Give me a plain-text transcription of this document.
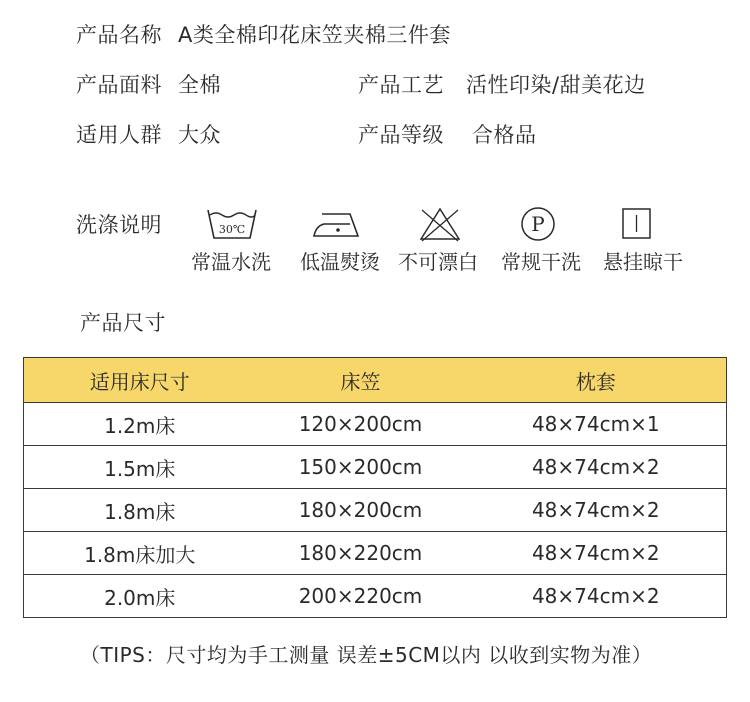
产品名称 A类全棉印花床笠夹棉三件套
产品面料 全棉	产品工艺 活性印染/甜美花边
适用人群 大众	产品等级 合格品
洗涤说明	30℃
常温水洗	低温熨烫 不可漂白
P
常规干洗	悬挂晾干
产品尺寸
适用床尺寸	床笠	枕套
1.2m床	120×200cm	48×74cm×1
1.5m床	150×200cm	48×74cm×2
1.8m床	180×200cm	48×74cm×2
1.8m床加大	180×220cm	48×74cm×2
2.0m床	200×220cm	48×74cm×2
（TIPS：尺寸均为手工测量 误差±5CM以内 以收到实物为准）
